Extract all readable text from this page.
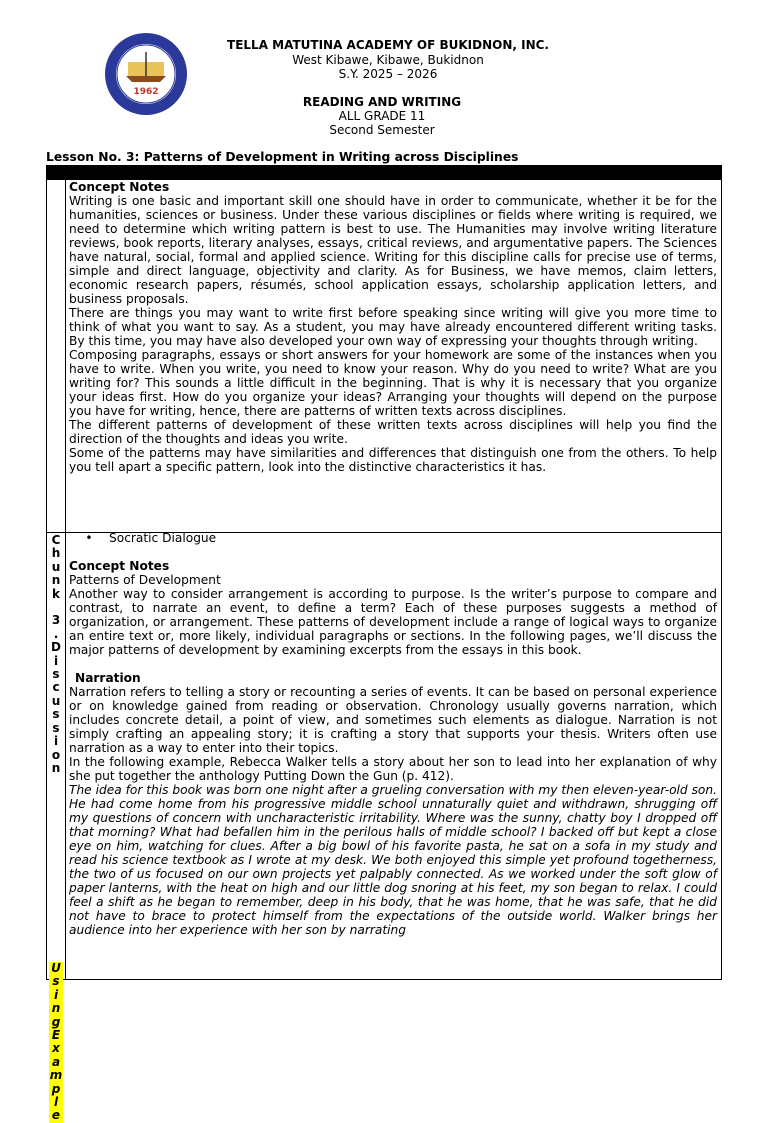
1962
TELLA MATUTINA ACADEMY OF BUKIDNON, INC.
West Kibawe, Kibawe, Bukidnon
S.Y. 2025 – 2026
READING AND WRITING
ALL GRADE 11
Second Semester
Lesson No. 3: Patterns of Development in Writing across Disciplines

Concept Notes

Writing is one basic and important skill one should have in order to communicate, whether it be for the humanities, sciences or business. Under these various disciplines or fields where writing is required, we need to determine which writing pattern is best to use. The Humanities may involve writing literature reviews, book reports, literary analyses, essays, critical reviews, and argumentative papers. The Sciences have natural, social, formal and applied science. Writing for this discipline calls for precise use of terms, simple and direct language, objectivity and clarity. As for Business, we have memos, claim letters, economic research papers, résumés, school application essays, scholarship application letters, and business proposals.

There are things you may want to write first before speaking since writing will give you more time to think of what you want to say. As a student, you may have already encountered different writing tasks. By this time, you may have also developed your own way of expressing your thoughts through writing.

Composing paragraphs, essays or short answers for your homework are some of the instances when you have to write. When you write, you need to know your reason. Why do you need to write? What are you writing for? This sounds a little difficult in the beginning. That is why it is necessary that you organize your ideas first. How do you organize your ideas? Arranging your thoughts will depend on the purpose you have for writing, hence, there are patterns of written texts across disciplines.

The different patterns of development of these written texts across disciplines will help you find the direction of the thoughts and ideas you write.

Some of the patterns may have similarities and differences that distinguish one from the others. To help you tell apart a specific pattern, look into the distinctive characteristics it has.

C
h
u
n
k

3
.
D
i
s
c
u
s
s
i
o
n
U
s
i
n
g
E
x
a
m
p
l
e
•	Socratic Dialogue

Concept Notes

Patterns of Development

Another way to consider arrangement is according to purpose. Is the writer’s purpose to compare and contrast, to narrate an event, to define a term? Each of these purposes suggests a method of organization, or arrangement. These patterns of development include a range of logical ways to organize an entire text or, more likely, individual paragraphs or sections. In the following pages, we’ll discuss the major patterns of development by examining excerpts from the essays in this book.

Narration

Narration refers to telling a story or recounting a series of events. It can be based on personal experience or on knowledge gained from reading or observation. Chronology usually governs narration, which includes concrete detail, a point of view, and sometimes such elements as dialogue. Narration is not simply crafting an appealing story; it is crafting a story that supports your thesis. Writers often use narration as a way to enter into their topics.

In the following example, Rebecca Walker tells a story about her son to lead into her explanation of why she put together the anthology Putting Down the Gun (p. 412).

The idea for this book was born one night after a grueling conversation with my then eleven-year-old son. He had come home from his progressive middle school unnaturally quiet and withdrawn, shrugging off my questions of concern with uncharacteristic irritability. Where was the sunny, chatty boy I dropped off that morning? What had befallen him in the perilous halls of middle school? I backed off but kept a close eye on him, watching for clues. After a big bowl of his favorite pasta, he sat on a sofa in my study and read his science textbook as I wrote at my desk. We both enjoyed this simple yet profound togetherness, the two of us focused on our own projects yet palpably connected. As we worked under the soft glow of paper lanterns, with the heat on high and our little dog snoring at his feet, my son began to relax. I could feel a shift as he began to remember, deep in his body, that he was home, that he was safe, that he did not have to brace to protect himself from the expectations of the outside world. Walker brings her audience into her experience with her son by narrating
